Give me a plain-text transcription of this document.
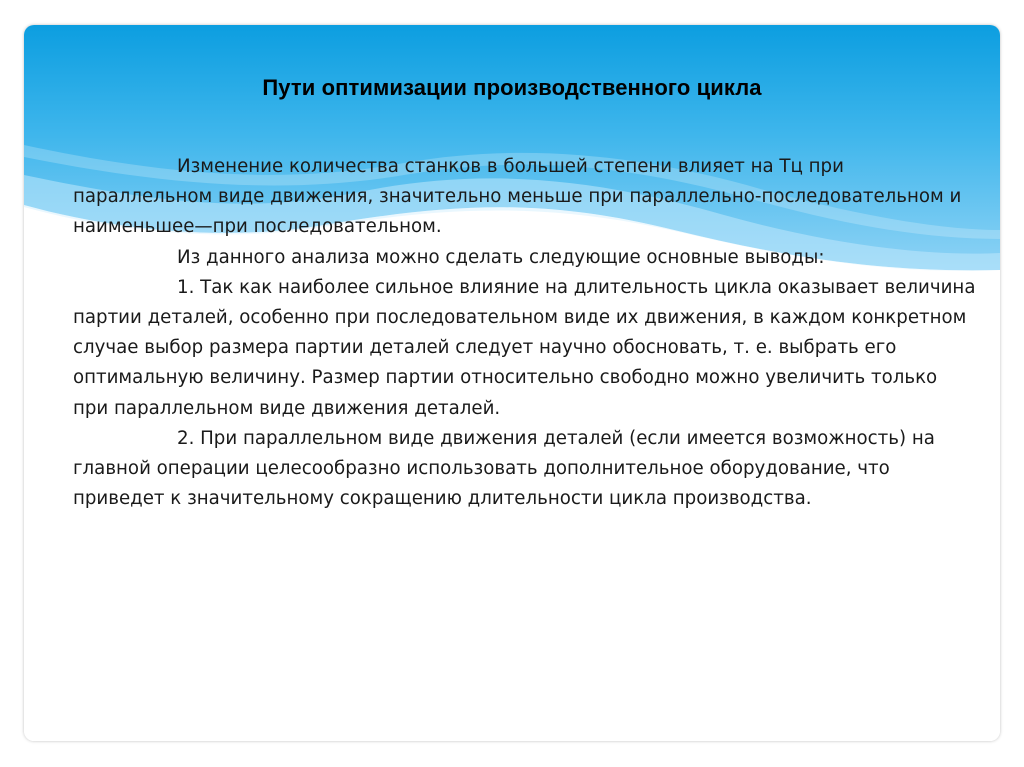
Пути оптимизации производственного цикла

Изменение количества станков в большей степени влияет на Тц при параллельном виде движения, значительно меньше при параллельно-последовательном и наименьшее—при последовательном.

Из данного анализа можно сделать следующие основные выводы:

1. Так как наиболее сильное влияние на длительность цикла оказывает величина партии деталей, особенно при последовательном виде их движения, в каждом конкретном случае выбор размера партии деталей следует научно обосновать, т. е. выбрать его оптимальную величину. Размер партии относительно свободно можно увеличить только при параллельном виде движения деталей.

2. При параллельном виде движения деталей (если имеется возможность) на главной операции целесообразно использовать дополнительное оборудование, что приведет к значительному сокращению длительности цикла производства.
